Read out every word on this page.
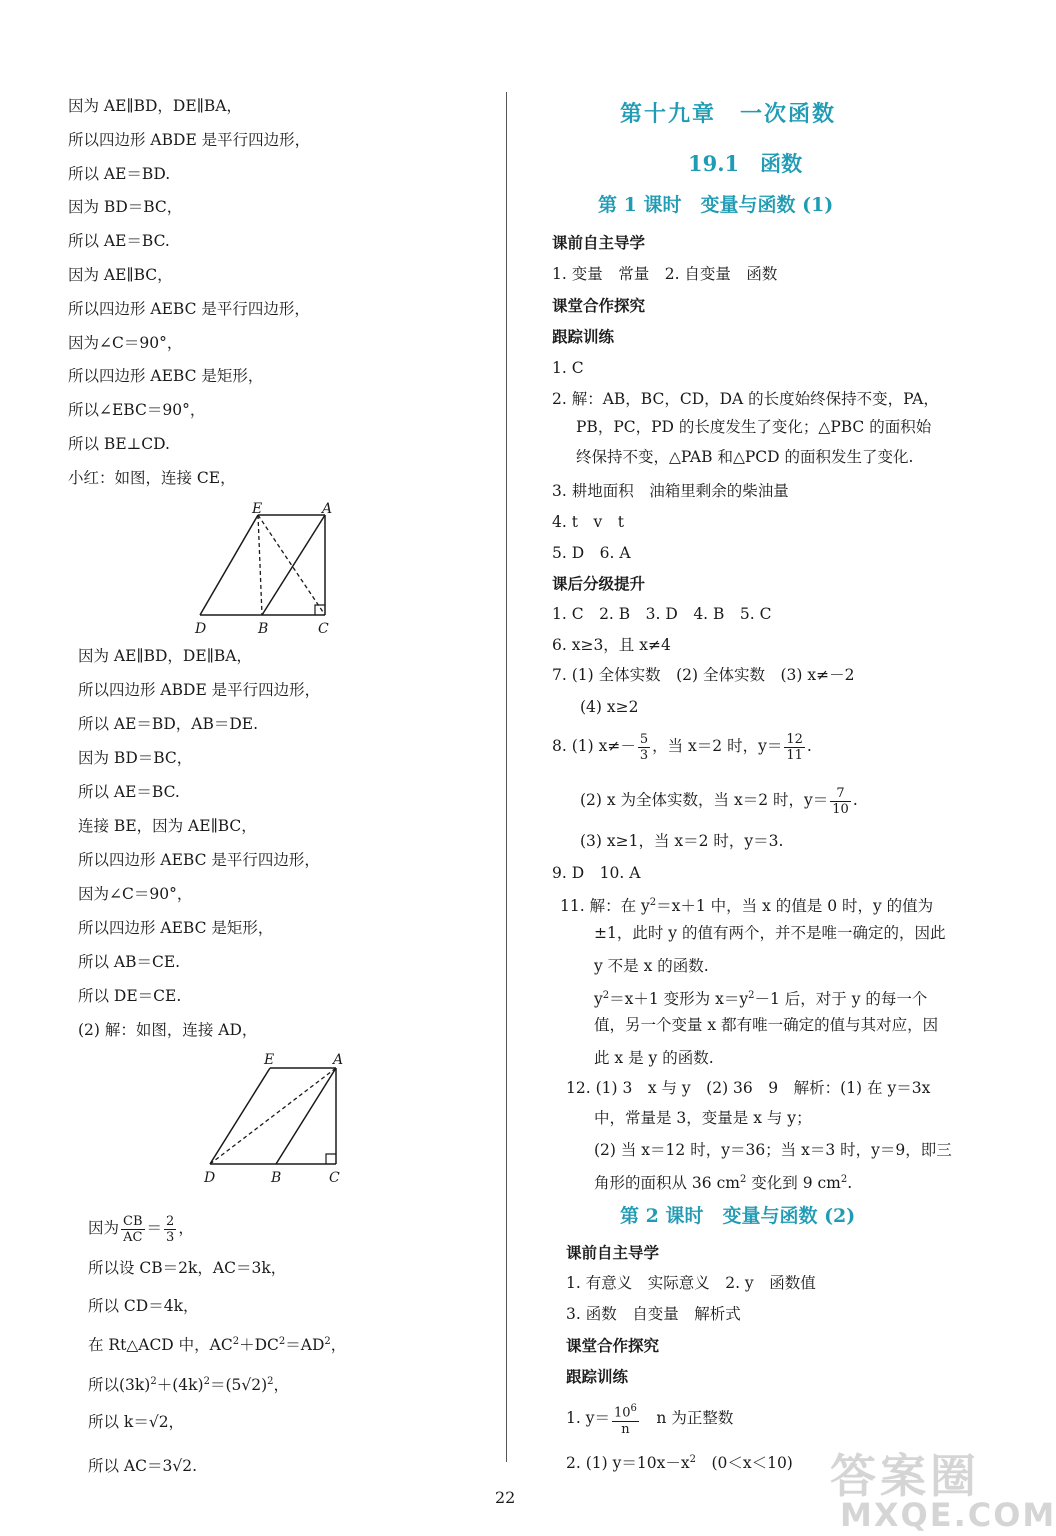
因为 AE∥BD，DE∥BA，
所以四边形 ABDE 是平行四边形，
所以 AE＝BD.
因为 BD＝BC，
所以 AE＝BC.
因为 AE∥BC，
所以四边形 AEBC 是平行四边形，
因为∠C＝90°，
所以四边形 AEBC 是矩形，
所以∠EBC＝90°，
所以 BE⊥CD.
小红：如图，连接 CE，
E	A
D	B	C
因为 AE∥BD，DE∥BA，
所以四边形 ABDE 是平行四边形，
所以 AE＝BD，AB＝DE.
因为 BD＝BC，
所以 AE＝BC.
连接 BE，因为 AE∥BC，
所以四边形 AEBC 是平行四边形，
因为∠C＝90°，
所以四边形 AEBC 是矩形，
所以 AB＝CE.
所以 DE＝CE.
(2) 解：如图，连接 AD，
E	A
D	B	C
因为 $\frac{CB}{AC} = \frac{2}{3}$ ，
所以设 CB＝2k，AC＝3k，
所以 CD＝4k，
在 Rt△ACD 中，$AC^2+DC^2=AD^2$，
所以$(3k)^2+(4k)^2=(5√2)^2$，
所以 k＝√2，
所以 AC＝3√2.
第十九章　一次函数
19.1　函数
第 1 课时　变量与函数 (1)
课前自主导学
1. 变量　常量　2. 自变量　函数
课堂合作探究
跟踪训练
1. C
2. 解：AB，BC，CD，DA 的长度始终保持不变，PA，
PB，PC，PD 的长度发生了变化；△PBC 的面积始
终保持不变，△PAB 和△PCD 的面积发生了变化.
3. 耕地面积　油箱里剩余的柴油量
4. t　v　t
5. D　6. A
课后分级提升
1. C　2. B　3. D　4. B　5. C
6. x≥3，且 x≠4
7. (1) 全体实数　(2) 全体实数　(3) x≠－2
(4) x≥2
8. (1) $x\ne- \frac{5}{3}$ ，当 x＝2 时，$y= \frac{12}{11}$ .
(2) x 为全体实数，当 x＝2 时，$y= \frac{7}{10}$ .
(3) x≥1，当 x＝2 时，y＝3.
9. D　10. A
11. 解：在 $y^2=x+1$ 中，当 x 的值是 0 时，y 的值为
±1，此时 y 的值有两个，并不是唯一确定的，因此
y 不是 x 的函数.
$y^2=x+1$ 变形为 $x=y^2-1$ 后，对于 y 的每一个
值，另一个变量 x 都有唯一确定的值与其对应，因
此 x 是 y 的函数.
12. (1) 3　x 与 y　(2) 36　9　解析：(1) 在 y＝3x
中，常量是 3，变量是 x 与 y；
(2) 当 x＝12 时，y＝36；当 x＝3 时，y＝9，即三
角形的面积从 36 $cm^2$ 变化到 9 $cm^2$.
第 2 课时　变量与函数 (2)
课前自主导学
1. 有意义　实际意义　2. y　函数值
3. 函数　自变量　解析式
课堂合作探究
跟踪训练
1. $y= \frac{10^6}{n}$ 　n 为正整数
2. (1) $y=10x-x^2$　(0＜x＜10)
22	答案圈
MXQE.COM
